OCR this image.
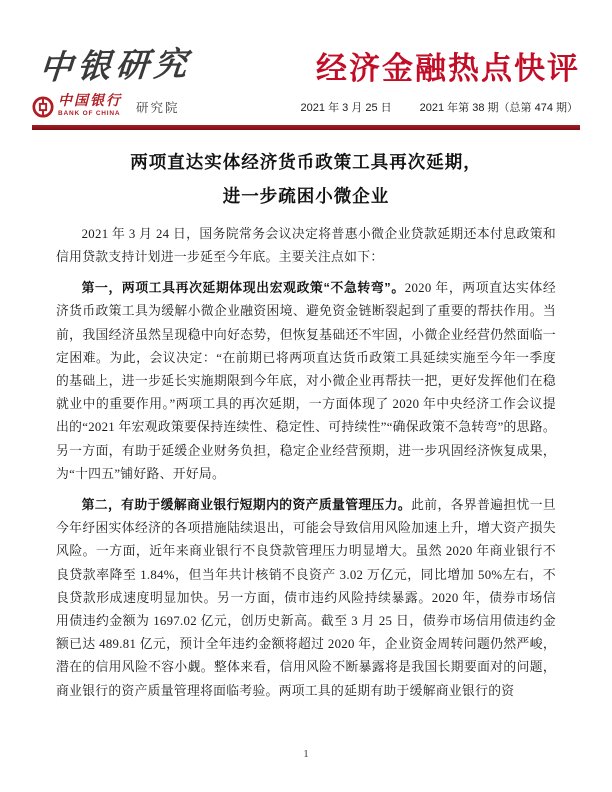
中银研究	经济金融热点快评
中国银行
BANK OF CHINA 研究院	2021 年 3 月 25 日	2021 年第 38 期（总第 474 期）
两项直达实体经济货币政策工具再次延期，
进一步疏困小微企业

2021 年 3 月 24 日，国务院常务会议决定将普惠小微企业贷款延期还本付息政策和信用贷款支持计划进一步延至今年底。主要关注点如下：

第一，两项工具再次延期体现出宏观政策“不急转弯”。2020 年，两项直达实体经济货币政策工具为缓解小微企业融资困境、避免资金链断裂起到了重要的帮扶作用。当前，我国经济虽然呈现稳中向好态势，但恢复基础还不牢固，小微企业经营仍然面临一定困难。为此，会议决定：“在前期已将两项直达货币政策工具延续实施至今年一季度的基础上，进一步延长实施期限到今年底，对小微企业再帮扶一把，更好发挥他们在稳就业中的重要作用。”两项工具的再次延期，一方面体现了 2020 年中央经济工作会议提出的“2021 年宏观政策要保持连续性、稳定性、可持续性”“确保政策不急转弯”的思路。另一方面，有助于延缓企业财务负担，稳定企业经营预期，进一步巩固经济恢复成果，为“十四五”铺好路、开好局。

第二，有助于缓解商业银行短期内的资产质量管理压力。此前，各界普遍担忧一旦今年纾困实体经济的各项措施陆续退出，可能会导致信用风险加速上升，增大资产损失风险。一方面，近年来商业银行不良贷款管理压力明显增大。虽然 2020 年商业银行不良贷款率降至 1.84%，但当年共计核销不良资产 3.02 万亿元，同比增加 50%左右，不良贷款形成速度明显加快。另一方面，债市违约风险持续暴露。2020 年，债券市场信用债违约金额为 1697.02 亿元，创历史新高。截至 3 月 25 日，债券市场信用债违约金额已达 489.81 亿元，预计全年违约金额将超过 2020 年，企业资金周转问题仍然严峻，潜在的信用风险不容小觑。整体来看，信用风险不断暴露将是我国长期要面对的问题，商业银行的资产质量管理将面临考验。两项工具的延期有助于缓解商业银行的资

1
